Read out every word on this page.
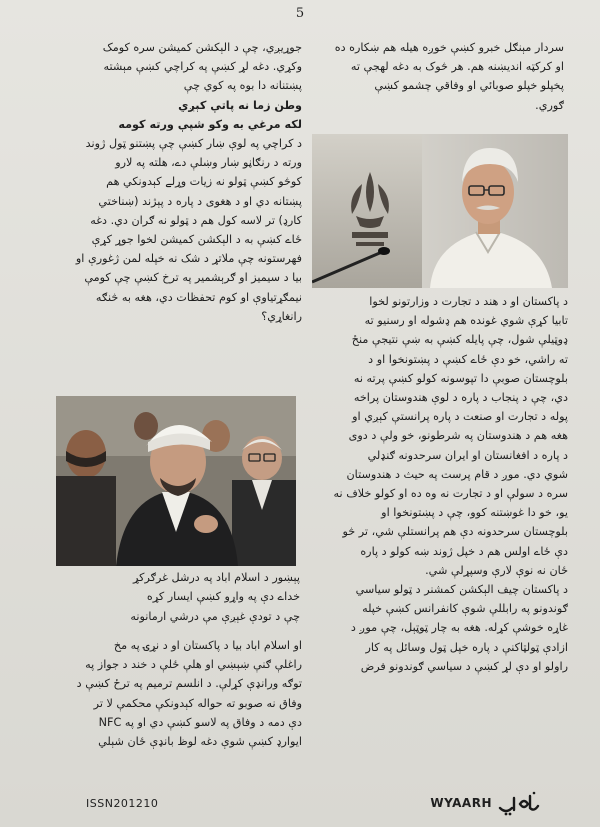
5

سردار مېنګل خبرو کښې خوږه هيله هم ښکاره ده

او کرکټه انديښنه هم. هر څوک به دغه لهجې ته

پخپلو خپلو صوبائي او وفاقي چشمو کښې

ګوري.

د پاکستان او د هند د تجارت د وزارتونو لخوا

تابيا کړې شوي غونده هم ډشوله او رسنيو ته

ډوټيلې شول، چې پايله کښې به ښې نتيجې منځ

ته راشي، خو دې ځاے کښې د پښتونخوا او د

بلوچستان صوبې دا تپوسونه کولو کښې پرته نه

دي، چې د پنجاب د پاره د لوې هندوستان پراخه

پوله د تجارت او صنعت د پاره پرانستې کېږي او

هغه هم د هندوستان په شرطونو، خو ولې د دوی

د پاره د افغانستان او ايران سرحدونه ګنډلي

شوي دي. موږ د قام پرست په حيث د هندوستان

سره د سولې او د تجارت نه وه ده او کولو خلاف نه

يو، خو دا غوښتنه کوو، چې د پښتونخوا او

بلوچستان سرحدونه دې هم پرانستلې شي، تر څو

دې ځاے اولس هم د خپل ژوند ښه کولو د پاره

ځان نه نوې لارې وسپړلې شي.

د پاکستان چيف الېکشن کمشنر د ټولو سياسي

ګوندونو په رابللې شوې کانفرانس کښې خپله

غاړه خوشې کړله. هغه به چار ټوټېل، چې موږ د

ازادې ټولټاکنې د پاره خپل ټول وسائل په کار

راولو او دې لړ کښې د سياسي ګوندونو فرض

جوړيږي، چې د الېکشن کميشن سره کومک

وکړي. دغه لړ کښې په کراچي کښې مېشته

پښتنانه دا بوه په کوي چې

وطن زما نه پاتې کېږي

لکه مرغي به وکو شپې ورته کومه

د کراچي په لوې ښار کښې چې پښتنو ټول ژوند

ورته د رنګاڼو ښار وښلې دے، هلته په لارو

کوڅو کښې ټولو نه زيات وړلے کېدونکي هم

پښتانه دي او د هغوی د پاره د پېژند (ښناختي

کارډ) تر لاسه کول هم د ټولو نه ګران دي. دغه

ځاے کښې به د الېکشن کميشن لخوا جوړ کړې

فهرستونه چې ملاتړ د شک نه خپله لمن ژغورې او

بيا د سيميز او ګرېشمير په ترخ کښې چې کومې

نيمګړتياوې او کوم تحفظات دي، هغه به څنګه

رانغاړي؟

پېښور د اسلام اباد په درشل غرګرکړ

خداے دې په واړو کښې ايسار کړه

چې د تودې غېږې مې درشي ارمانونه

او اسلام اباد بيا د پاکستان او د نړۍ په مخ

راغلې ګنې ښېښي او هلې ځلې د خند د جواز په

توګه ورانډې کړلې. د انلسم ترميم په ترځ کښې د

وفاق نه صوبو ته حواله کېدونکې محکمې لا تر

دې دمه د وفاق په لاسو کښې دي او په NFC

ايوارډ کښې شوې دغه لوظ بانډې ځان شېلي

ISSN201210	WYAARH
